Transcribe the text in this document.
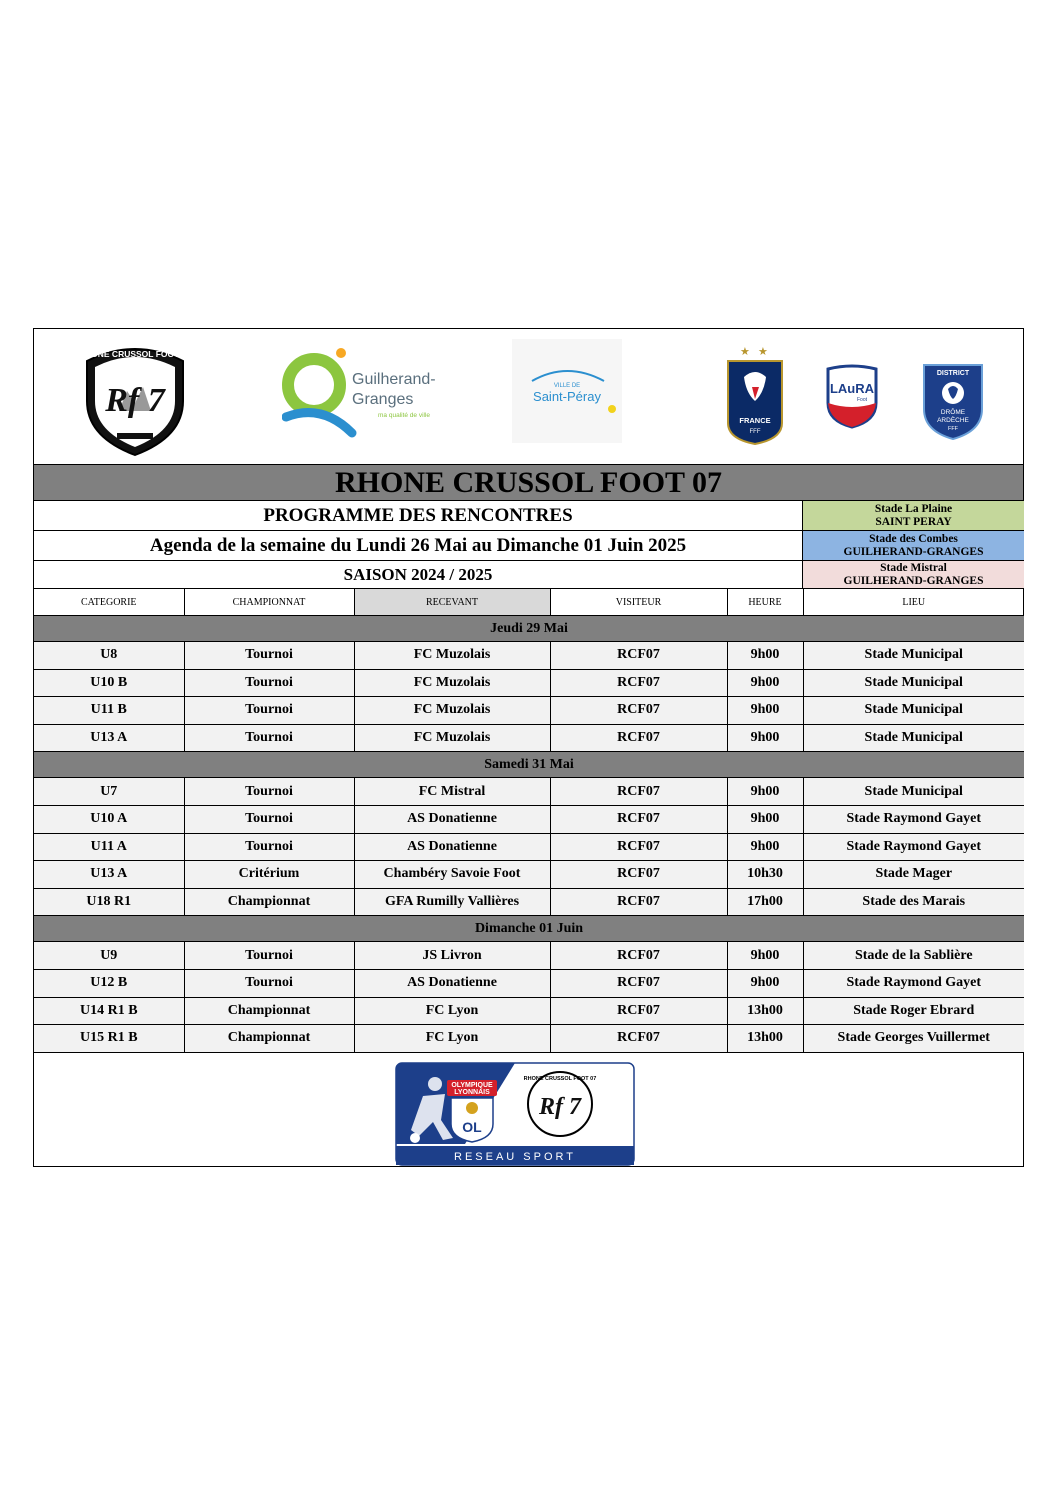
RHÔNE CRUSSOL FOOT 07
Rf 7
Guilherand-
Granges
ma qualité de ville
VILLE DE
Saint-Péray
★ ★
FRANCE
FFF
LAuRA
Foot
DISTRICT
DRÔME
ARDÈCHE
FFF
RHONE CRUSSOL FOOT 07
PROGRAMME DES RENCONTRES
Agenda de la semaine du Lundi 26 Mai au Dimanche 01 Juin 2025
SAISON 2024 / 2025
Stade La Plaine
SAINT PERAY
Stade des Combes
GUILHERAND-GRANGES
Stade Mistral
GUILHERAND-GRANGES
CATEGORIE	CHAMPIONNAT	RECEVANT	VISITEUR	HEURE	LIEU
Jeudi 29 Mai					
U8	Tournoi	FC Muzolais	RCF07	9h00	Stade Municipal
U10 B	Tournoi	FC Muzolais	RCF07	9h00	Stade Municipal
U11 B	Tournoi	FC Muzolais	RCF07	9h00	Stade Municipal
U13 A	Tournoi	FC Muzolais	RCF07	9h00	Stade Municipal
Samedi 31 Mai					
U7	Tournoi	FC Mistral	RCF07	9h00	Stade Municipal
U10 A	Tournoi	AS Donatienne	RCF07	9h00	Stade Raymond Gayet
U11 A	Tournoi	AS Donatienne	RCF07	9h00	Stade Raymond Gayet
U13 A	Critérium	Chambéry Savoie Foot	RCF07	10h30	Stade Mager
U18 R1	Championnat	GFA Rumilly Vallières	RCF07	17h00	Stade des Marais
Dimanche 01 Juin					
U9	Tournoi	JS Livron	RCF07	9h00	Stade de la Sablière
U12 B	Tournoi	AS Donatienne	RCF07	9h00	Stade Raymond Gayet
U14 R1 B	Championnat	FC Lyon	RCF07	13h00	Stade Roger Ebrard
U15 R1 B	Championnat	FC Lyon	RCF07	13h00	Stade Georges Vuillermet
OLYMPIQUE
LYONNAIS
OL
RHONE CRUSSOL FOOT 07
Rf 7
RESEAU SPORT
